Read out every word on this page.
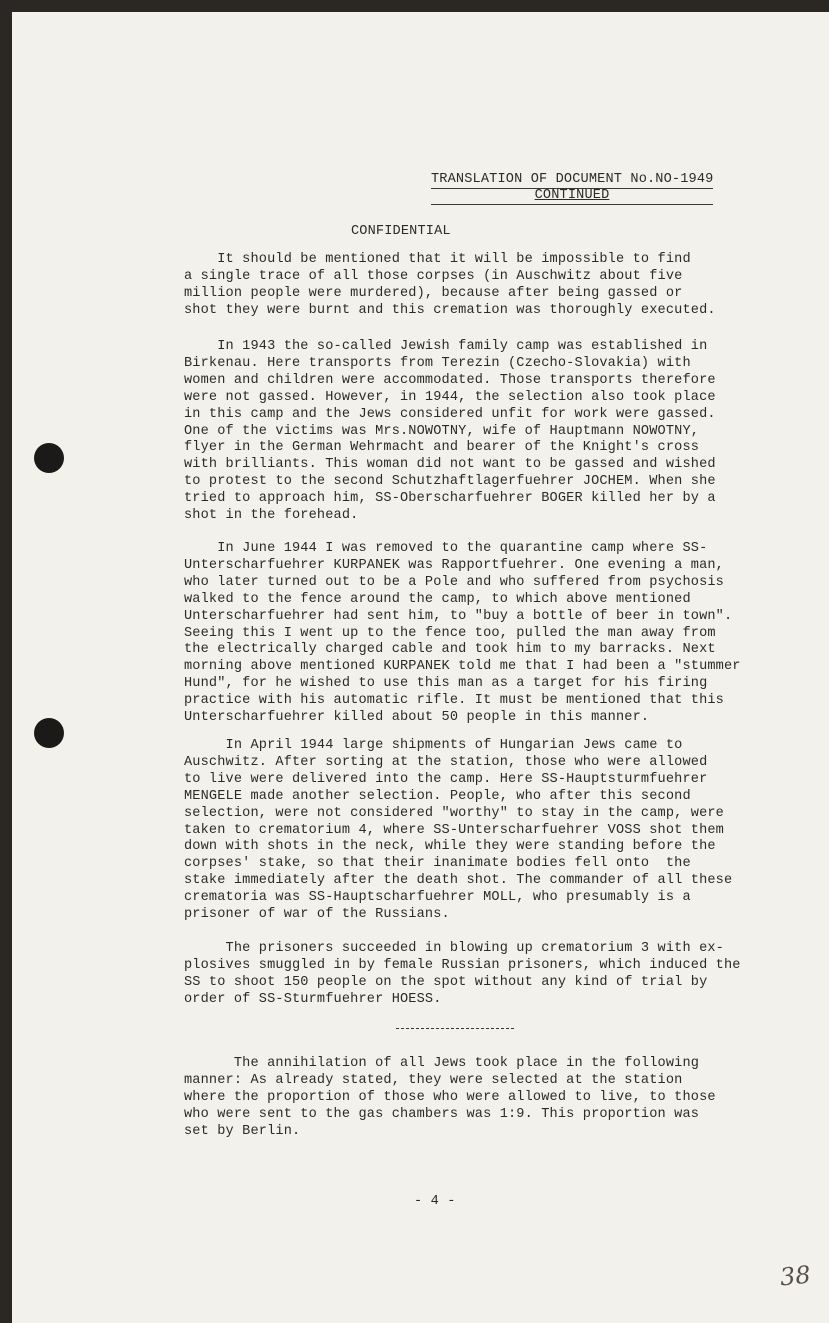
TRANSLATION OF DOCUMENT No.NO-1949
CONTINUED
CONFIDENTIAL
It should be mentioned that it will be impossible to find
a single trace of all those corpses (in Auschwitz about five
million people were murdered), because after being gassed or
shot they were burnt and this cremation was thoroughly executed.
In 1943 the so-called Jewish family camp was established in
Birkenau. Here transports from Terezin (Czecho-Slovakia) with
women and children were accommodated. Those transports therefore
were not gassed. However, in 1944, the selection also took place
in this camp and the Jews considered unfit for work were gassed.
One of the victims was Mrs.NOWOTNY, wife of Hauptmann NOWOTNY,
flyer in the German Wehrmacht and bearer of the Knight's cross
with brilliants. This woman did not want to be gassed and wished
to protest to the second Schutzhaftlagerfuehrer JOCHEM. When she
tried to approach him, SS-Oberscharfuehrer BOGER killed her by a
shot in the forehead.
In June 1944 I was removed to the quarantine camp where SS-
Unterscharfuehrer KURPANEK was Rapportfuehrer. One evening a man,
who later turned out to be a Pole and who suffered from psychosis
walked to the fence around the camp, to which above mentioned
Unterscharfuehrer had sent him, to "buy a bottle of beer in town".
Seeing this I went up to the fence too, pulled the man away from
the electrically charged cable and took him to my barracks. Next
morning above mentioned KURPANEK told me that I had been a "stummer
Hund", for he wished to use this man as a target for his firing
practice with his automatic rifle. It must be mentioned that this
Unterscharfuehrer killed about 50 people in this manner.
In April 1944 large shipments of Hungarian Jews came to
Auschwitz. After sorting at the station, those who were allowed
to live were delivered into the camp. Here SS-Hauptsturmfuehrer
MENGELE made another selection. People, who after this second
selection, were not considered "worthy" to stay in the camp, were
taken to crematorium 4, where SS-Unterscharfuehrer VOSS shot them
down with shots in the neck, while they were standing before the
corpses' stake, so that their inanimate bodies fell onto  the
stake immediately after the death shot. The commander of all these
crematoria was SS-Hauptscharfuehrer MOLL, who presumably is a
prisoner of war of the Russians.
The prisoners succeeded in blowing up crematorium 3 with ex-
plosives smuggled in by female Russian prisoners, which induced the
SS to shoot 150 people on the spot without any kind of trial by
order of SS-Sturmfuehrer HOESS.
The annihilation of all Jews took place in the following
manner: As already stated, they were selected at the station
where the proportion of those who were allowed to live, to those
who were sent to the gas chambers was 1:9. This proportion was
set by Berlin.
- 4 -
38
